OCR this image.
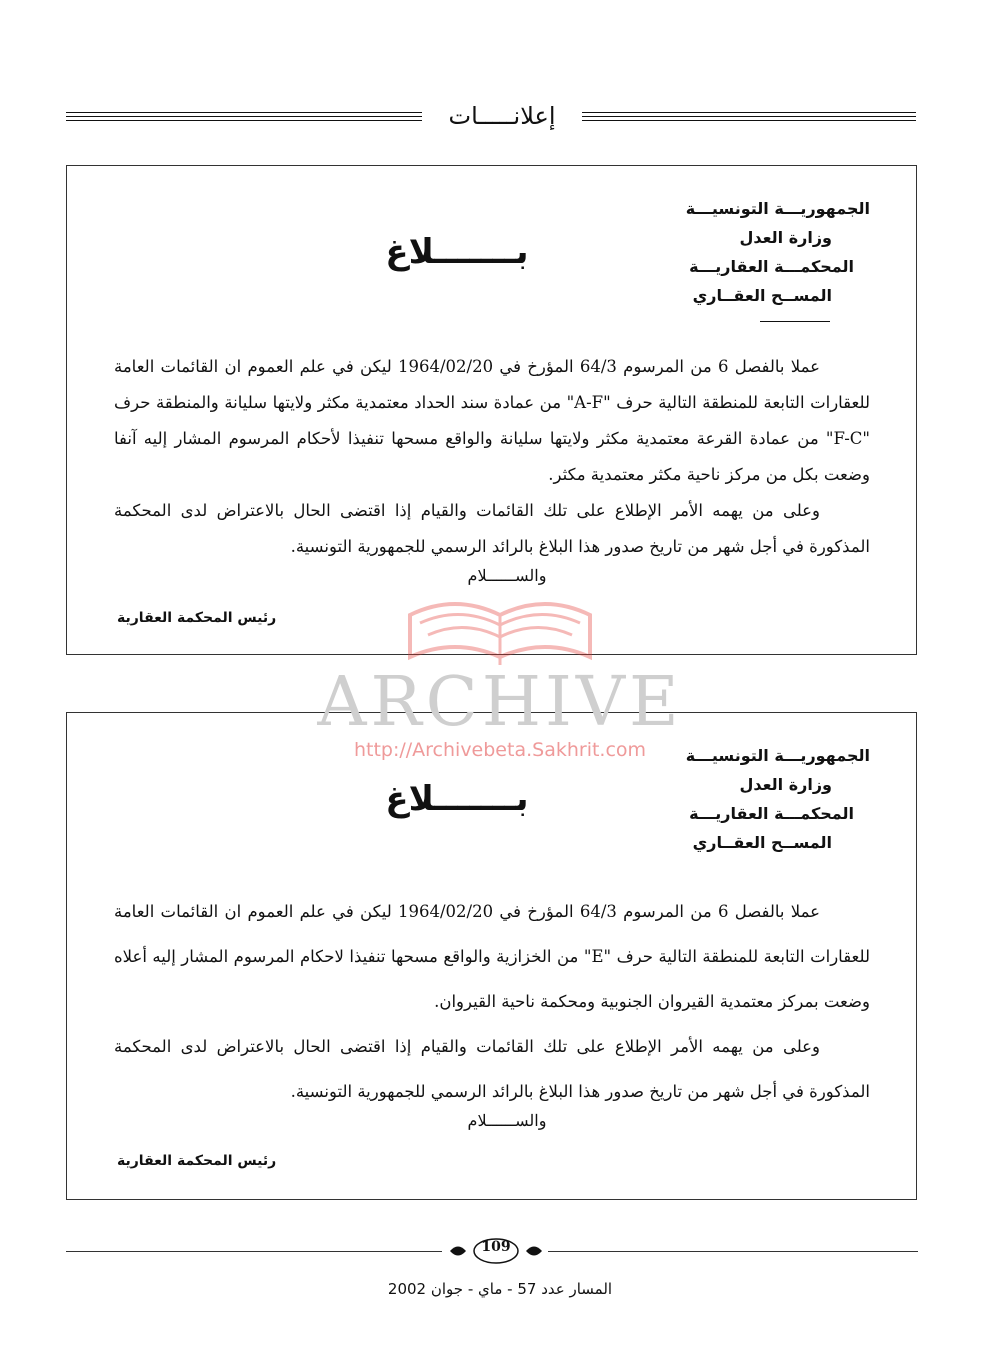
إعلانـــــات
الجمهوريـــة التونسيـــة
وزارة العدل
المحكمـــة العقاريـــة
المســح العقــاري
بـــــــلاغ

عملا بالفصل 6 من المرسوم 64/3 المؤرخ في 1964/02/20 ليكن في علم العموم ان القائمات العامة للعقارات التابعة للمنطقة التالية حرف "A-F" من عمادة سند الحداد معتمدية مكثر ولايتها سليانة والمنطقة حرف "F-C" من عمادة القرعة معتمدية مكثر ولايتها سليانة والواقع مسحها تنفيذا لأحكام المرسوم المشار إليه آنفا وضعت بكل من مركز ناحية مكثر معتمدية مكثر.

وعلى من يهمه الأمر الإطلاع على تلك القائمات والقيام إذا اقتضى الحال بالاعتراض لدى المحكمة المذكورة في أجل شهر من تاريخ صدور هذا البلاغ بالرائد الرسمي للجمهورية التونسية.

والســــــلام
رئيس المحكمة العقارية
الجمهوريـــة التونسيـــة
وزارة العدل
المحكمـــة العقاريـــة
المســح العقــاري
بـــــــلاغ

عملا بالفصل 6 من المرسوم 64/3 المؤرخ في 1964/02/20 ليكن في علم العموم ان القائمات العامة للعقارات التابعة للمنطقة التالية حرف "E" من الخزازية والواقع مسحها تنفيذا لاحكام المرسوم المشار إليه أعلاه وضعت بمركز معتمدية القيروان الجنوبية ومحكمة ناحية القيروان.

وعلى من يهمه الأمر الإطلاع على تلك القائمات والقيام إذا اقتضى الحال بالاعتراض لدى المحكمة المذكورة في أجل شهر من تاريخ صدور هذا البلاغ بالرائد الرسمي للجمهورية التونسية.

والســــــلام
رئيس المحكمة العقارية
ARCHIVE
http://Archivebeta.Sakhrit.com
109
المسار عدد 57 - ماي - جوان 2002
